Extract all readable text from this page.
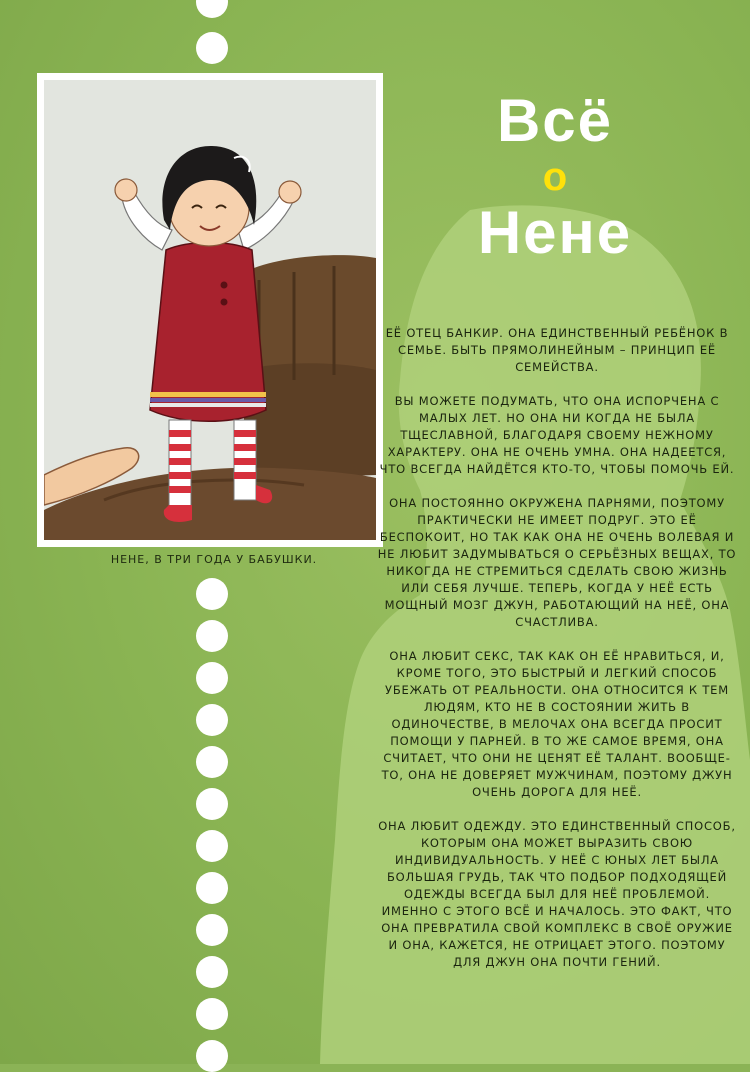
НЕНЕ, В ТРИ ГОДА У БАБУШКИ.
Всё
о
Нене

ЕЁ ОТЕЦ БАНКИР. ОНА ЕДИНСТВЕННЫЙ РЕБЁНОК В СЕМЬЕ. БЫТЬ ПРЯМОЛИНЕЙНЫМ – ПРИНЦИП ЕЁ СЕМЕЙСТВА.

ВЫ МОЖЕТЕ ПОДУМАТЬ, ЧТО ОНА ИСПОРЧЕНА С МАЛЫХ ЛЕТ. НО ОНА НИ КОГДА НЕ БЫЛА ТЩЕСЛАВНОЙ, БЛАГОДАРЯ СВОЕМУ НЕЖНОМУ ХАРАКТЕРУ. ОНА НЕ ОЧЕНЬ УМНА. ОНА НАДЕЕТСЯ, ЧТО ВСЕГДА НАЙДЁТСЯ КТО-ТО, ЧТОБЫ ПОМОЧЬ ЕЙ.

ОНА ПОСТОЯННО ОКРУЖЕНА ПАРНЯМИ, ПОЭТОМУ ПРАКТИЧЕСКИ НЕ ИМЕЕТ ПОДРУГ. ЭТО ЕЁ БЕСПОКОИТ, НО ТАК КАК ОНА НЕ ОЧЕНЬ ВОЛЕВАЯ И НЕ ЛЮБИТ ЗАДУМЫВАТЬСЯ О СЕРЬЁЗНЫХ ВЕЩАХ, ТО НИКОГДА НЕ СТРЕМИТЬСЯ СДЕЛАТЬ СВОЮ ЖИЗНЬ ИЛИ СЕБЯ ЛУЧШЕ. ТЕПЕРЬ, КОГДА У НЕЁ ЕСТЬ МОЩНЫЙ МОЗГ ДЖУН, РАБОТАЮЩИЙ НА НЕЁ, ОНА СЧАСТЛИВА.

ОНА ЛЮБИТ СЕКС, ТАК КАК ОН ЕЁ НРАВИТЬСЯ, И, КРОМЕ ТОГО, ЭТО БЫСТРЫЙ И ЛЕГКИЙ СПОСОБ УБЕЖАТЬ ОТ РЕАЛЬНОСТИ. ОНА ОТНОСИТСЯ К ТЕМ ЛЮДЯМ, КТО НЕ В СОСТОЯНИИ ЖИТЬ В ОДИНОЧЕСТВЕ, В МЕЛОЧАХ ОНА ВСЕГДА ПРОСИТ ПОМОЩИ У ПАРНЕЙ. В ТО ЖЕ САМОЕ ВРЕМЯ, ОНА СЧИТАЕТ, ЧТО ОНИ НЕ ЦЕНЯТ ЕЁ ТАЛАНТ. ВООБЩЕ-ТО, ОНА НЕ ДОВЕРЯЕТ МУЖЧИНАМ, ПОЭТОМУ ДЖУН ОЧЕНЬ ДОРОГА ДЛЯ НЕЁ.

ОНА ЛЮБИТ ОДЕЖДУ. ЭТО ЕДИНСТВЕННЫЙ СПОСОБ, КОТОРЫМ ОНА МОЖЕТ ВЫРАЗИТЬ СВОЮ ИНДИВИДУАЛЬНОСТЬ. У НЕЁ С ЮНЫХ ЛЕТ БЫЛА БОЛЬШАЯ ГРУДЬ, ТАК ЧТО ПОДБОР ПОДХОДЯЩЕЙ ОДЕЖДЫ ВСЕГДА БЫЛ ДЛЯ НЕЁ ПРОБЛЕМОЙ. ИМЕННО С ЭТОГО ВСЁ И НАЧАЛОСЬ. ЭТО ФАКТ, ЧТО ОНА ПРЕВРАТИЛА СВОЙ КОМПЛЕКС В СВОЁ ОРУЖИЕ И ОНА, КАЖЕТСЯ, НЕ ОТРИЦАЕТ ЭТОГО. ПОЭТОМУ ДЛЯ ДЖУН ОНА ПОЧТИ ГЕНИЙ.
